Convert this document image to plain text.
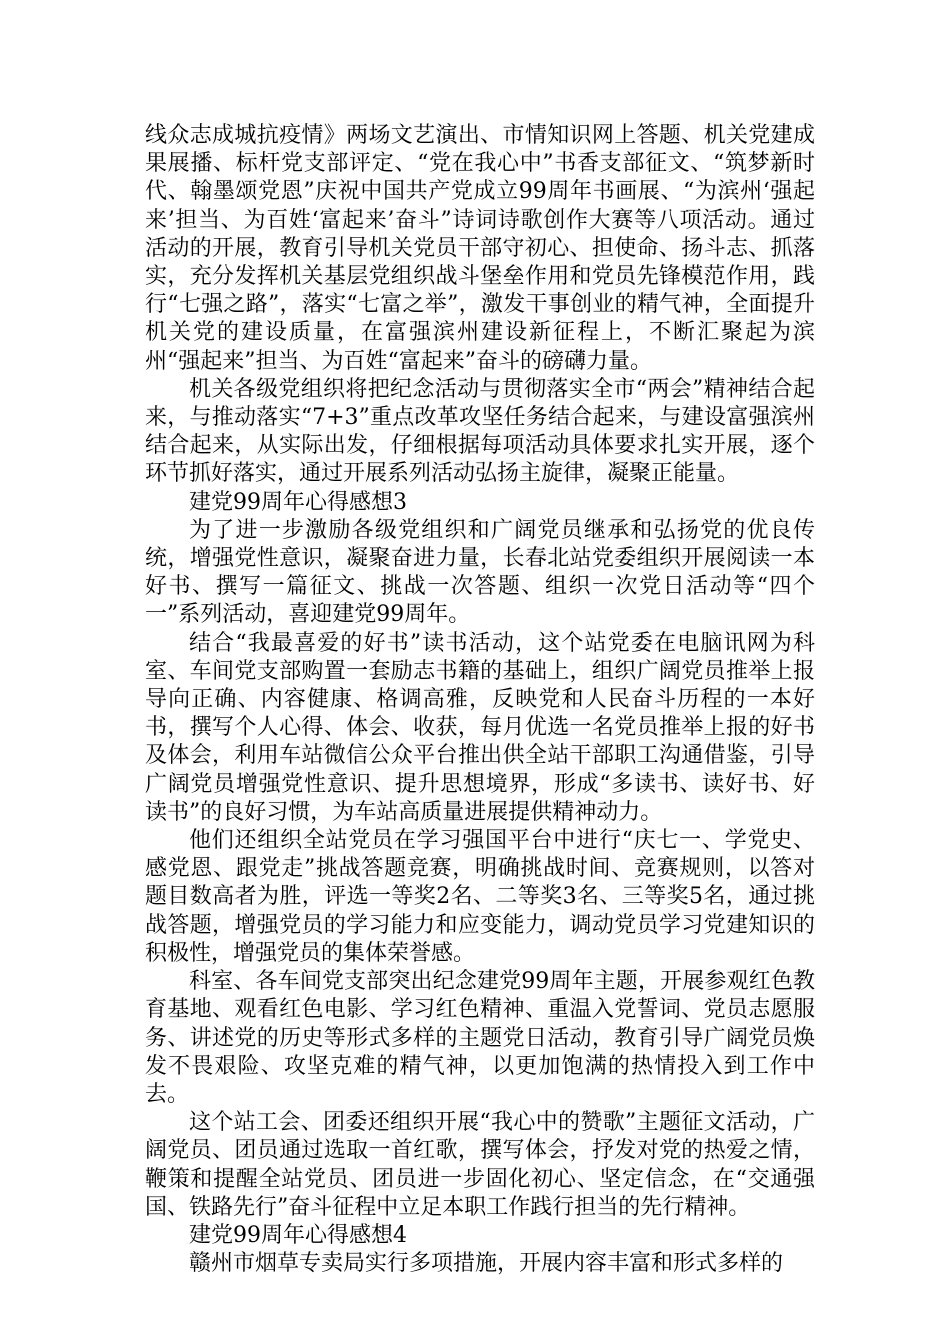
线众志成城抗疫情》两场文艺演出、市情知识网上答题、机关党建成果展播、标杆党支部评定、“党在我心中”书香支部征文、“筑梦新时代、翰墨颂党恩”庆祝中国共产党成立99周年书画展、“为滨州‘强起来’担当、为百姓‘富起来’奋斗”诗词诗歌创作大赛等八项活动。通过活动的开展，教育引导机关党员干部守初心、担使命、扬斗志、抓落实，充分发挥机关基层党组织战斗堡垒作用和党员先锋模范作用，践行“七强之路”，落实“七富之举”，激发干事创业的精气神，全面提升机关党的建设质量，在富强滨州建设新征程上，不断汇聚起为滨州“强起来”担当、为百姓“富起来”奋斗的磅礴力量。

机关各级党组织将把纪念活动与贯彻落实全市“两会”精神结合起来，与推动落实“7+3”重点改革攻坚任务结合起来，与建设富强滨州结合起来，从实际出发，仔细根据每项活动具体要求扎实开展，逐个环节抓好落实，通过开展系列活动弘扬主旋律，凝聚正能量。

建党99周年心得感想3

为了进一步激励各级党组织和广阔党员继承和弘扬党的优良传统，增强党性意识，凝聚奋进力量，长春北站党委组织开展阅读一本好书、撰写一篇征文、挑战一次答题、组织一次党日活动等“四个一”系列活动，喜迎建党99周年。

结合“我最喜爱的好书”读书活动，这个站党委在电脑讯网为科室、车间党支部购置一套励志书籍的基础上，组织广阔党员推举上报导向正确、内容健康、格调高雅，反映党和人民奋斗历程的一本好书，撰写个人心得、体会、收获，每月优选一名党员推举上报的好书及体会，利用车站微信公众平台推出供全站干部职工沟通借鉴，引导广阔党员增强党性意识、提升思想境界，形成“多读书、读好书、好读书”的良好习惯，为车站高质量进展提供精神动力。

他们还组织全站党员在学习强国平台中进行“庆七一、学党史、感党恩、跟党走”挑战答题竞赛，明确挑战时间、竞赛规则，以答对题目数高者为胜，评选一等奖2名、二等奖3名、三等奖5名，通过挑战答题，增强党员的学习能力和应变能力，调动党员学习党建知识的积极性，增强党员的集体荣誉感。

科室、各车间党支部突出纪念建党99周年主题，开展参观红色教育基地、观看红色电影、学习红色精神、重温入党誓词、党员志愿服务、讲述党的历史等形式多样的主题党日活动，教育引导广阔党员焕发不畏艰险、攻坚克难的精气神，以更加饱满的热情投入到工作中去。

这个站工会、团委还组织开展“我心中的赞歌”主题征文活动，广阔党员、团员通过选取一首红歌，撰写体会，抒发对党的热爱之情，鞭策和提醒全站党员、团员进一步固化初心、坚定信念，在“交通强国、铁路先行”奋斗征程中立足本职工作践行担当的先行精神。

建党99周年心得感想4

赣州市烟草专卖局实行多项措施，开展内容丰富和形式多样的
